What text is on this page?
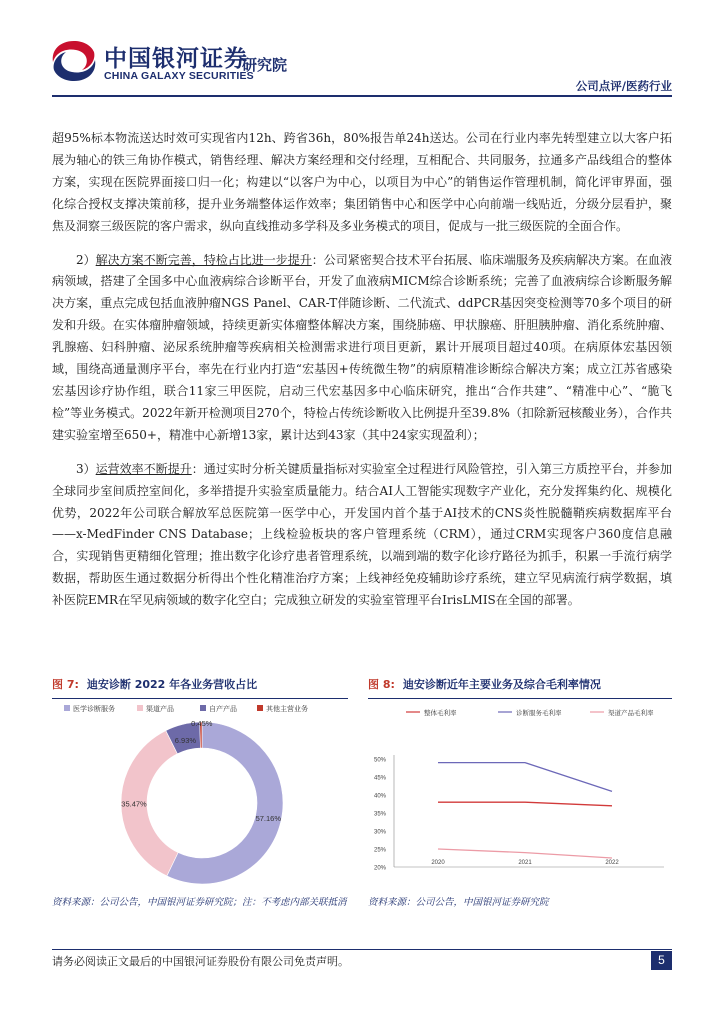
中国银河证券
CHINA GALAXY SECURITIES
研究院
公司点评/医药行业

超95%标本物流送达时效可实现省内12h、跨省36h，80%报告单24h送达。公司在行业内率先转型建立以大客户拓展为轴心的铁三角协作模式，销售经理、解决方案经理和交付经理，互相配合、共同服务，拉通多产品线组合的整体方案，实现在医院界面接口归一化；构建以“以客户为中心，以项目为中心”的销售运作管理机制，简化评审界面，强化综合授权支撑决策前移，提升业务端整体运作效率；集团销售中心和医学中心向前端一线贴近，分级分层看护，聚焦及洞察三级医院的客户需求，纵向直线推动多学科及多业务模式的项目，促成与一批三级医院的全面合作。

2）解决方案不断完善，特检占比进一步提升：公司紧密契合技术平台拓展、临床端服务及疾病解决方案。在血液病领域，搭建了全国多中心血液病综合诊断平台，开发了血液病MICM综合诊断系统；完善了血液病综合诊断服务解决方案，重点完成包括血液肿瘤NGS Panel、CAR-T伴随诊断、二代流式、ddPCR基因突变检测等70多个项目的研发和升级。在实体瘤肿瘤领域，持续更新实体瘤整体解决方案，围绕肺癌、甲状腺癌、肝胆胰肿瘤、消化系统肿瘤、乳腺癌、妇科肿瘤、泌尿系统肿瘤等疾病相关检测需求进行项目更新，累计开展项目超过40项。在病原体宏基因领域，围绕高通量测序平台，率先在行业内打造“宏基因+传统微生物”的病原精准诊断综合解决方案；成立江苏省感染宏基因诊疗协作组，联合11家三甲医院，启动三代宏基因多中心临床研究，推出“合作共建”、“精准中心”、“脆飞检”等业务模式。2022年新开检测项目270个，特检占传统诊断收入比例提升至39.8%（扣除新冠核酸业务），合作共建实验室增至650+，精准中心新增13家，累计达到43家（其中24家实现盈利）；

3）运营效率不断提升：通过实时分析关键质量指标对实验室全过程进行风险管控，引入第三方质控平台，并参加全球同步室间质控室间化，多举措提升实验室质量能力。结合AI人工智能实现数字产业化，充分发挥集约化、规模化优势，2022年公司联合解放军总医院第一医学中心，开发国内首个基于AI技术的CNS炎性脱髓鞘疾病数据库平台——x-MedFinder CNS Database；上线检验板块的客户管理系统（CRM），通过CRM实现客户360度信息融合，实现销售更精细化管理；推出数字化诊疗患者管理系统，以端到端的数字化诊疗路径为抓手，积累一手流行病学数据，帮助医生通过数据分析得出个性化精准治疗方案；上线神经免疫辅助诊疗系统，建立罕见病流行病学数据，填补医院EMR在罕见病领域的数字化空白；完成独立研发的实验室管理平台IrisLMIS在全国的部署。

图 7: 迪安诊断 2022 年各业务营收占比
医学诊断服务	渠道产品	自产产品	其他主营业务
57.16%
35.47%
6.93%
0.45%
资料来源：公司公告，中国银河证券研究院；注：不考虑内部关联抵消
图 8: 迪安诊断近年主要业务及综合毛利率情况
整体毛利率	诊断服务毛利率	渠道产品毛利率
20%
25%
30%
35%
40%
45%
50%
2020	2021	2022
资料来源：公司公告，中国银河证券研究院
请务必阅读正文最后的中国银河证券股份有限公司免责声明。	5
